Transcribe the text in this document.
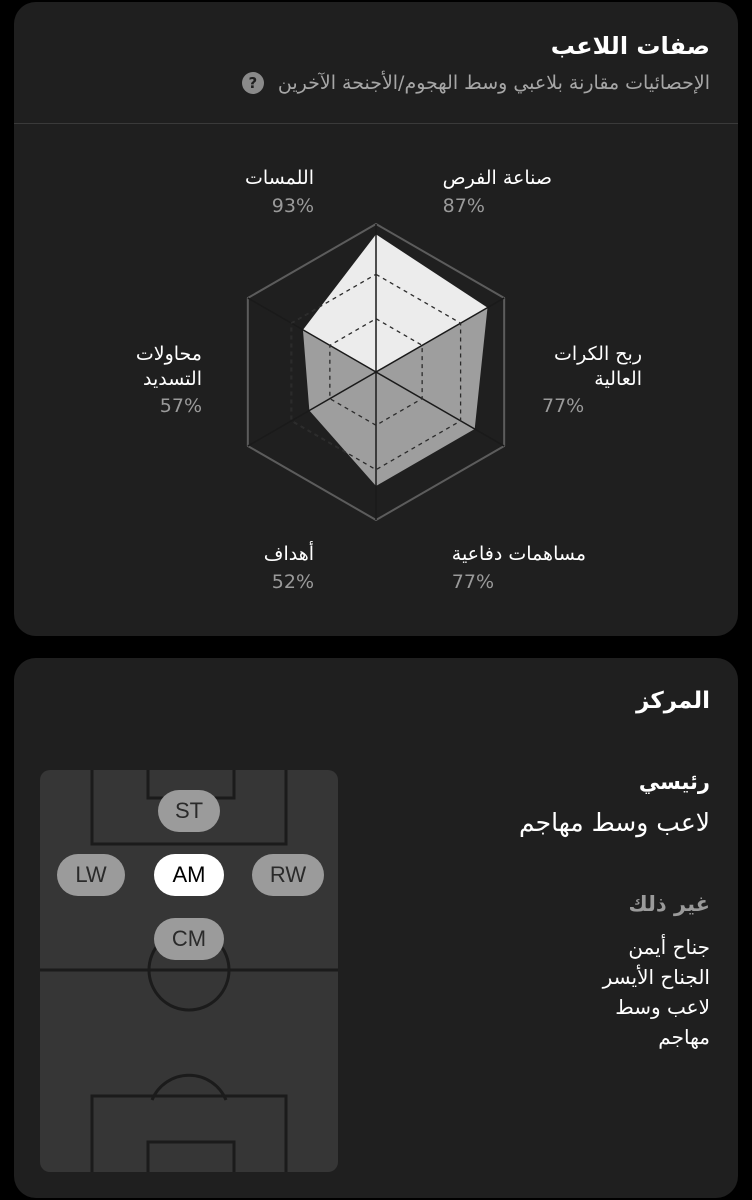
صفات اللاعب
الإحصائيات مقارنة بلاعبي وسط الهجوم/الأجنحة الآخرين
?
اللمسات
93%
صناعة الفرص
87%
ربح الكرات
العالية
77%
مساهمات دفاعية
77%
أهداف
52%
محاولات
التسديد
57%
المركز
رئيسي
لاعب وسط مهاجم
غير ذلك
جناح أيمن
الجناح الأيسر
لاعب وسط
مهاجم
ST
LW	AM	RW
CM
